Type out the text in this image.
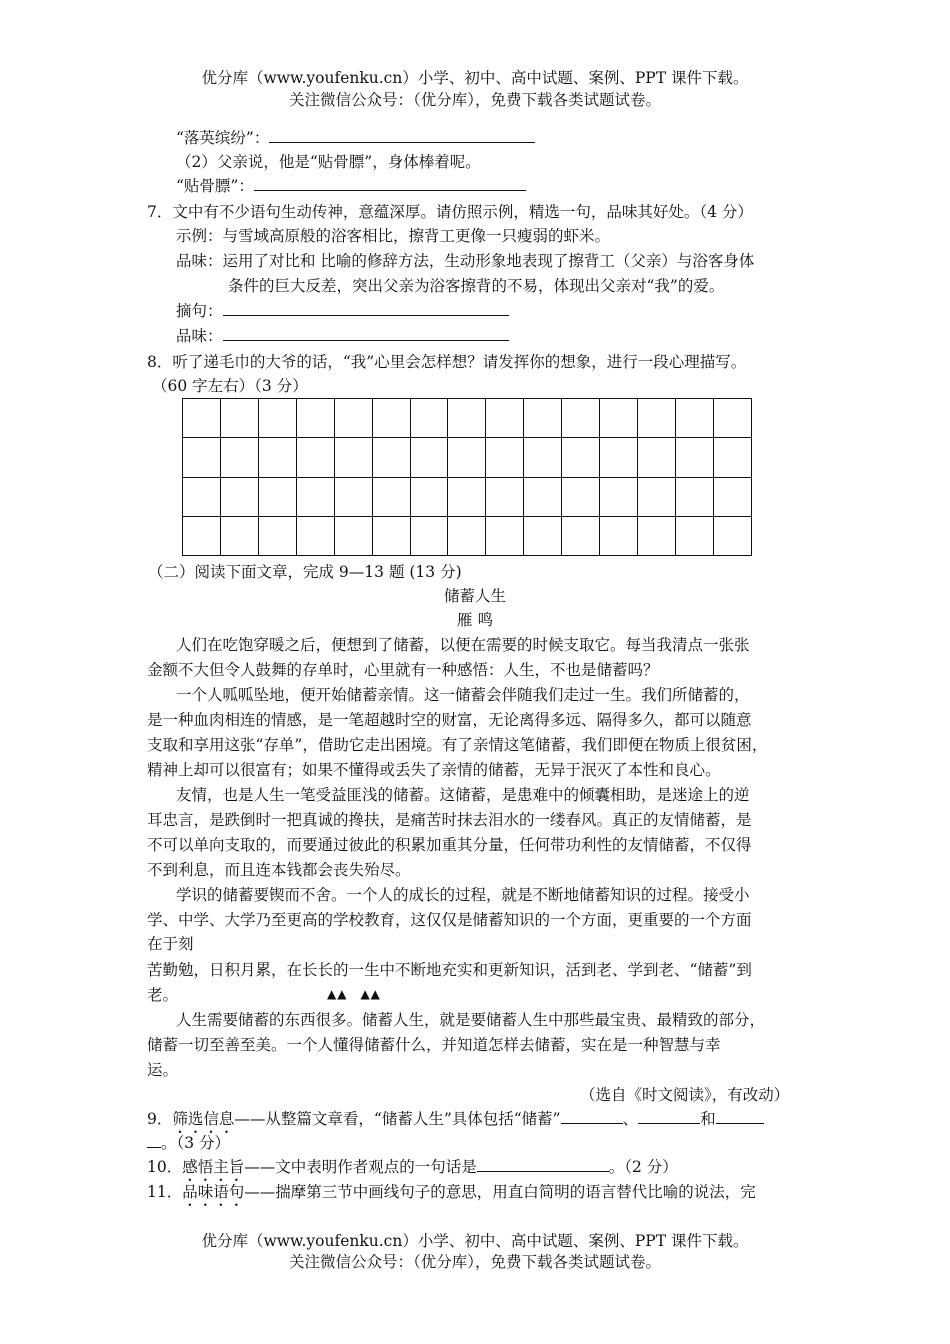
优分库（www.youfenku.cn）小学、初中、高中试题、案例、PPT 课件下载。
关注微信公众号：（优分库），免费下载各类试题试卷。
“落英缤纷”：
（2）父亲说，他是“贴骨膘”，身体棒着呢。
“贴骨膘”：
7．文中有不少语句生动传神，意蕴深厚。请仿照示例，精选一句，品味其好处。（4 分）
示例：与雪域高原般的浴客相比，擦背工更像一只瘦弱的虾米。
品味：运用了对比和 比喻的修辞方法，生动形象地表现了擦背工（父亲）与浴客身体
条件的巨大反差，突出父亲为浴客擦背的不易，体现出父亲对“我”的爱。
摘句：
品味：
8．听了递毛巾的大爷的话，“我”心里会怎样想？请发挥你的想象，进行一段心理描写。
（60 字左右）（3 分）

（二）阅读下面文章，完成 9—13 题 (13 分)
储蓄人生
雁 鸣
人们在吃饱穿暖之后，便想到了储蓄，以便在需要的时候支取它。每当我清点一张张
金额不大但令人鼓舞的存单时，心里就有一种感悟：人生，不也是储蓄吗？
一个人呱呱坠地，便开始储蓄亲情。这一储蓄会伴随我们走过一生。我们所储蓄的，
是一种血肉相连的情感，是一笔超越时空的财富，无论离得多远、隔得多久，都可以随意
支取和享用这张“存单”，借助它走出困境。有了亲情这笔储蓄，我们即便在物质上很贫困，
精神上却可以很富有；如果不懂得或丢失了亲情的储蓄，无异于泯灭了本性和良心。
友情，也是人生一笔受益匪浅的储蓄。这储蓄，是患难中的倾囊相助，是迷途上的逆
耳忠言，是跌倒时一把真诚的搀扶，是痛苦时抹去泪水的一缕春风。真正的友情储蓄，是
不可以单向支取的，而要通过彼此的积累加重其分量，任何带功利性的友情储蓄，不仅得
不到利息，而且连本钱都会丧失殆尽。
学识的储蓄要锲而不舍。一个人的成长的过程，就是不断地储蓄知识的过程。接受小
学、中学、大学乃至更高的学校教育，这仅仅是储蓄知识的一个方面，更重要的一个方面
在于刻
苦勤勉，日积月累，在长长的一生中不断地充实和更新知识，活到老、学到老、“储蓄”到
老。	▲▲　▲▲
人生需要储蓄的东西很多。储蓄人生，就是要储蓄人生中那些最宝贵、最精致的部分，
储蓄一切至善至美。一个人懂得储蓄什么，并知道怎样去储蓄，实在是一种智慧与幸
运。
（选自《时文阅读》，有改动）
9．筛选信息——从整篇文章看，“储蓄人生”具体包括“储蓄”	、	和
。（3 分）
10．感悟主旨——文中表明作者观点的一句话是	。（2 分）
11．品味语句——揣摩第三节中画线句子的意思，用直白简明的语言替代比喻的说法，完
优分库（www.youfenku.cn）小学、初中、高中试题、案例、PPT 课件下载。
关注微信公众号：（优分库），免费下载各类试题试卷。
